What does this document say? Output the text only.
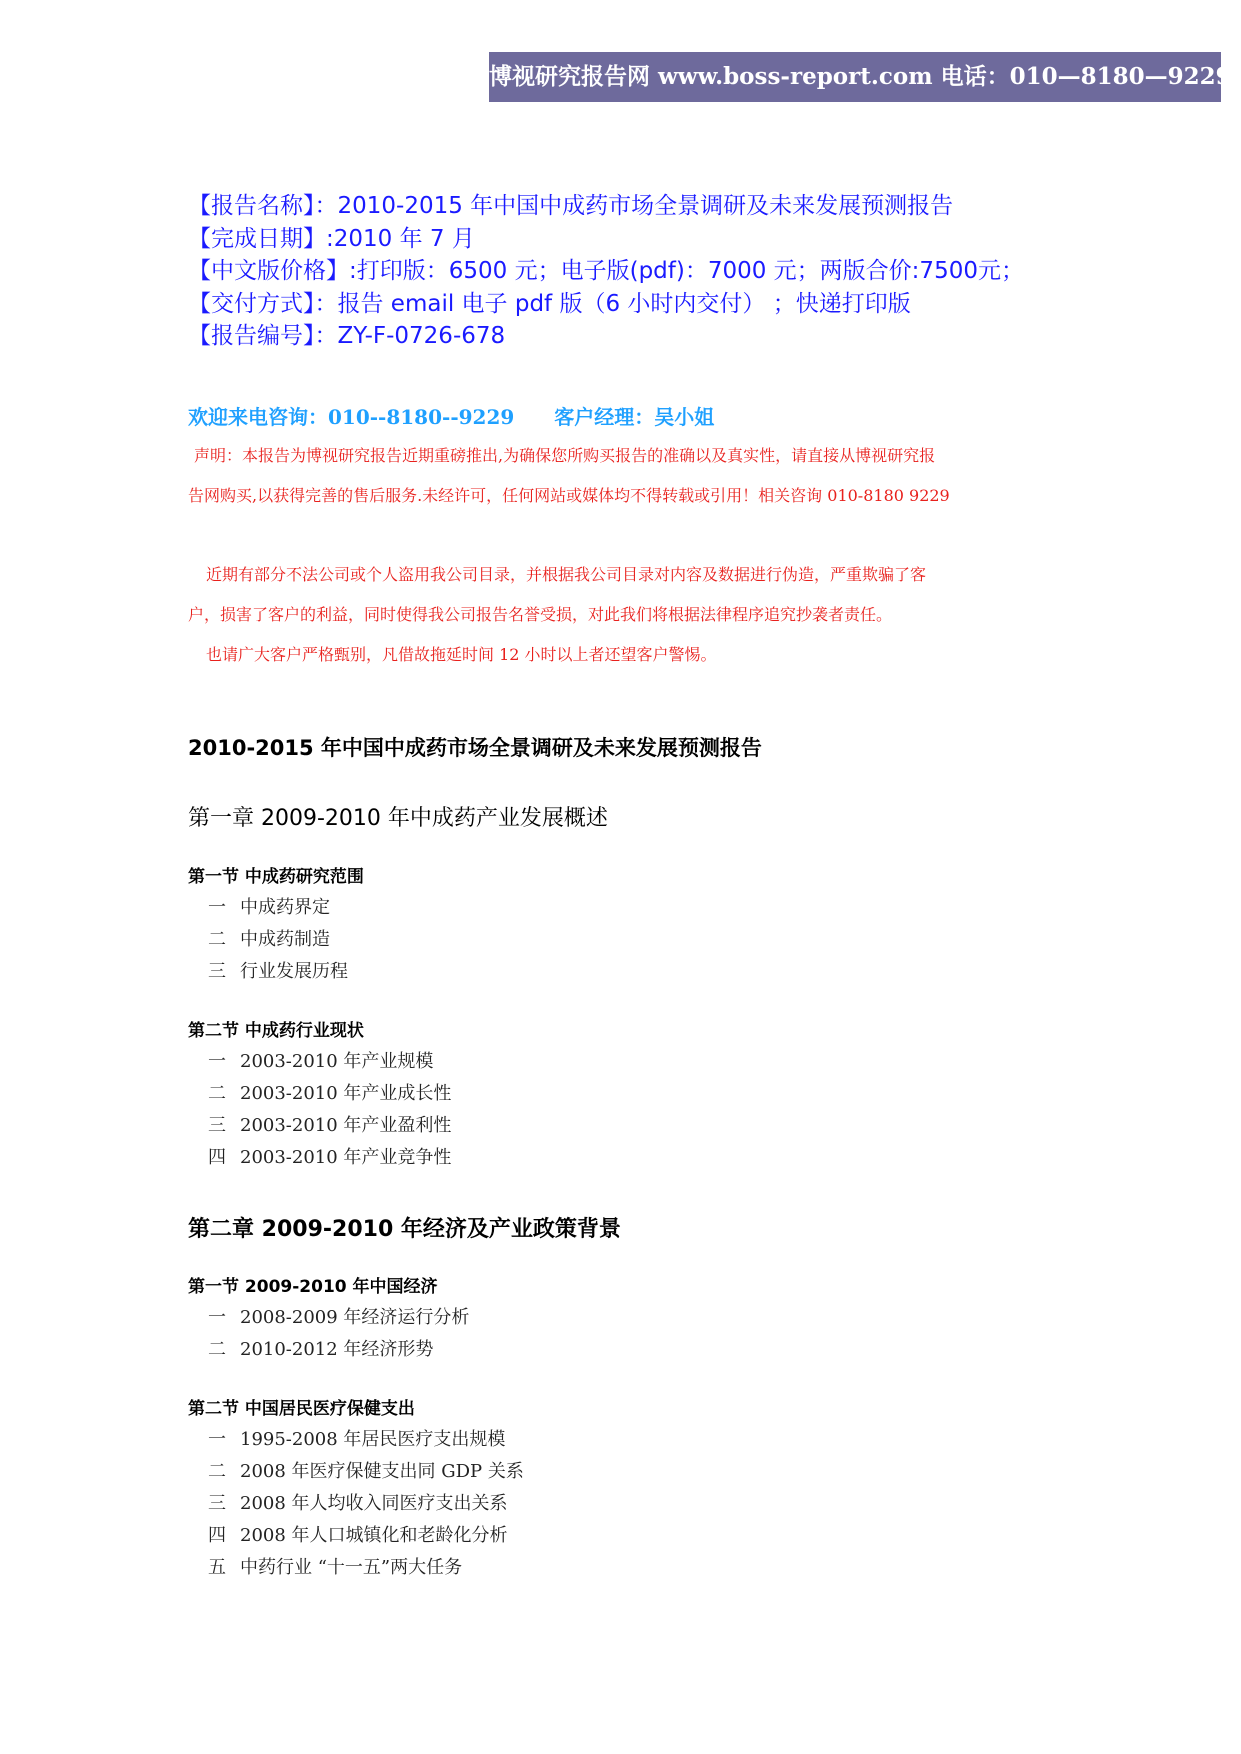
博视研究报告网 www.boss-report.com 电话：010—8180—9229
【报告名称】：2010-2015 年中国中成药市场全景调研及未来发展预测报告
【完成日期】:2010 年 7 月
【中文版价格】:打印版：6500 元；电子版(pdf)：7000 元；两版合价:7500元；
【交付方式】：报告 email 电子 pdf 版（6 小时内交付） ；快递打印版
【报告编号】：ZY-F-0726-678
欢迎来电咨询：010--8180--9229 客户经理：吴小姐
声明：本报告为博视研究报告近期重磅推出,为确保您所购买报告的准确以及真实性，请直接从博视研究报
告网购买,以获得完善的售后服务.未经许可，任何网站或媒体均不得转载或引用！相关咨询 010-8180 9229
近期有部分不法公司或个人盗用我公司目录，并根据我公司目录对内容及数据进行伪造，严重欺骗了客
户，损害了客户的利益，同时使得我公司报告名誉受损，对此我们将根据法律程序追究抄袭者责任。
也请广大客户严格甄别，凡借故拖延时间 12 小时以上者还望客户警惕。
2010-2015 年中国中成药市场全景调研及未来发展预测报告
第一章 2009-2010 年中成药产业发展概述
第一节 中成药研究范围
一 中成药界定
二 中成药制造
三 行业发展历程
第二节 中成药行业现状
一 2003-2010 年产业规模
二 2003-2010 年产业成长性
三 2003-2010 年产业盈利性
四 2003-2010 年产业竞争性
第二章 2009-2010 年经济及产业政策背景
第一节 2009-2010 年中国经济
一 2008-2009 年经济运行分析
二 2010-2012 年经济形势
第二节 中国居民医疗保健支出
一 1995-2008 年居民医疗支出规模
二 2008 年医疗保健支出同 GDP 关系
三 2008 年人均收入同医疗支出关系
四 2008 年人口城镇化和老龄化分析
五 中药行业 “十一五”两大任务
